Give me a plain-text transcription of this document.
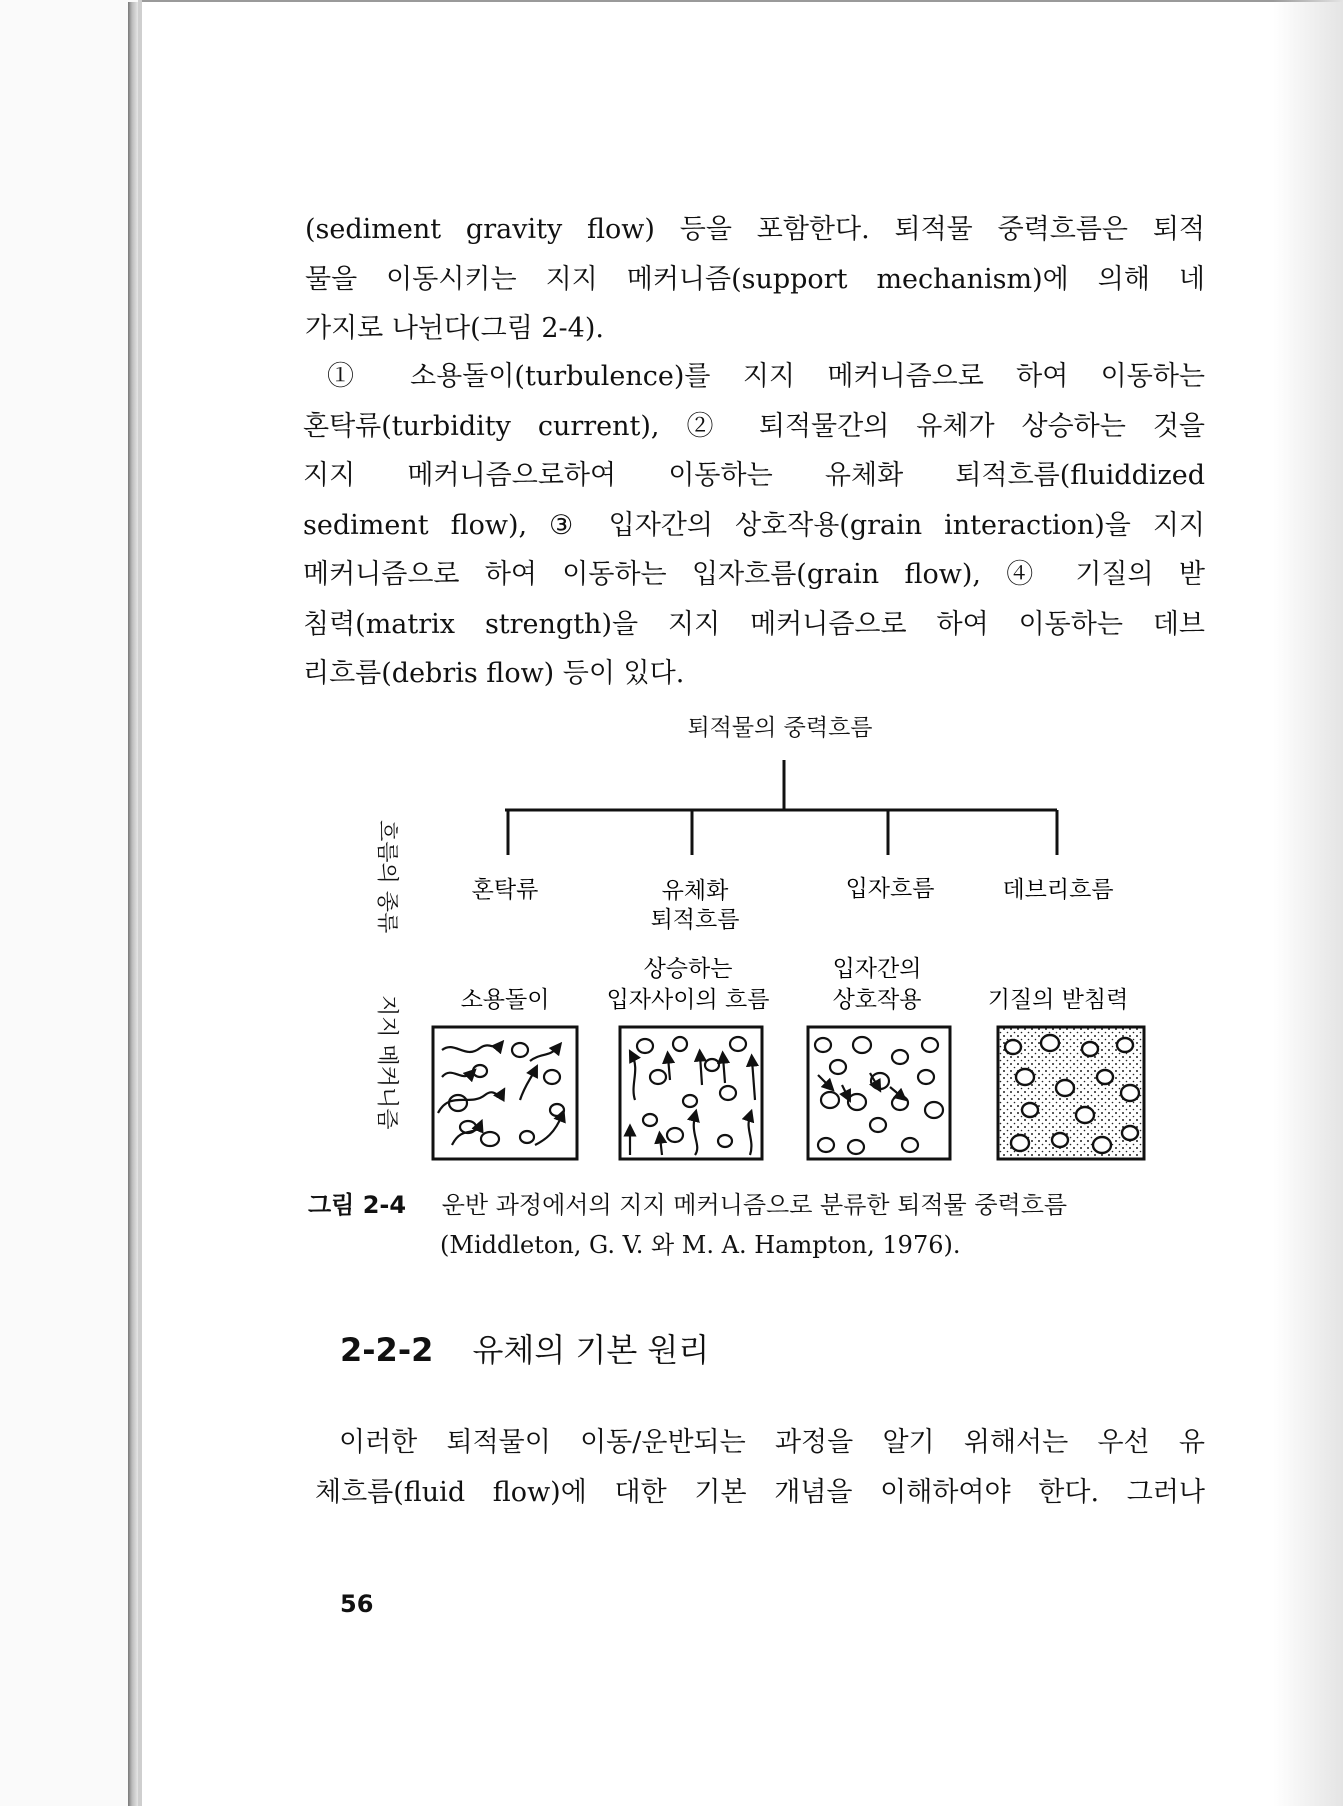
(sediment gravity flow) 등을 포함한다. 퇴적물 중력흐름은 퇴적
물을 이동시키는 지지 메커니즘(support mechanism)에 의해 네
가지로 나뉜다(그림 2-4).
① 소용돌이(turbulence)를 지지 메커니즘으로 하여 이동하는
혼탁류(turbidity current), ② 퇴적물간의 유체가 상승하는 것을
지지 메커니즘으로하여 이동하는 유체화 퇴적흐름(fluiddized
sediment flow), ③ 입자간의 상호작용(grain interaction)을 지지
메커니즘으로 하여 이동하는 입자흐름(grain flow), ④ 기질의 받
침력(matrix strength)을 지지 메커니즘으로 하여 이동하는 데브
리흐름(debris flow) 등이 있다.
퇴적물의 중력흐름
흐름의 종류
지지 메커니즘
혼탁류	유체화
퇴적흐름
입자흐름	데브리흐름
소용돌이
상승하는
입자사이의 흐름
입자간의
상호작용	기질의 받침력
그림 2-4 운반 과정에서의 지지 메커니즘으로 분류한 퇴적물 중력흐름
(Middleton, G. V. 와 M. A. Hampton, 1976).
2-2-2 유체의 기본 원리
이러한 퇴적물이 이동/운반되는 과정을 알기 위해서는 우선 유
체흐름(fluid flow)에 대한 기본 개념을 이해하여야 한다. 그러나
56
